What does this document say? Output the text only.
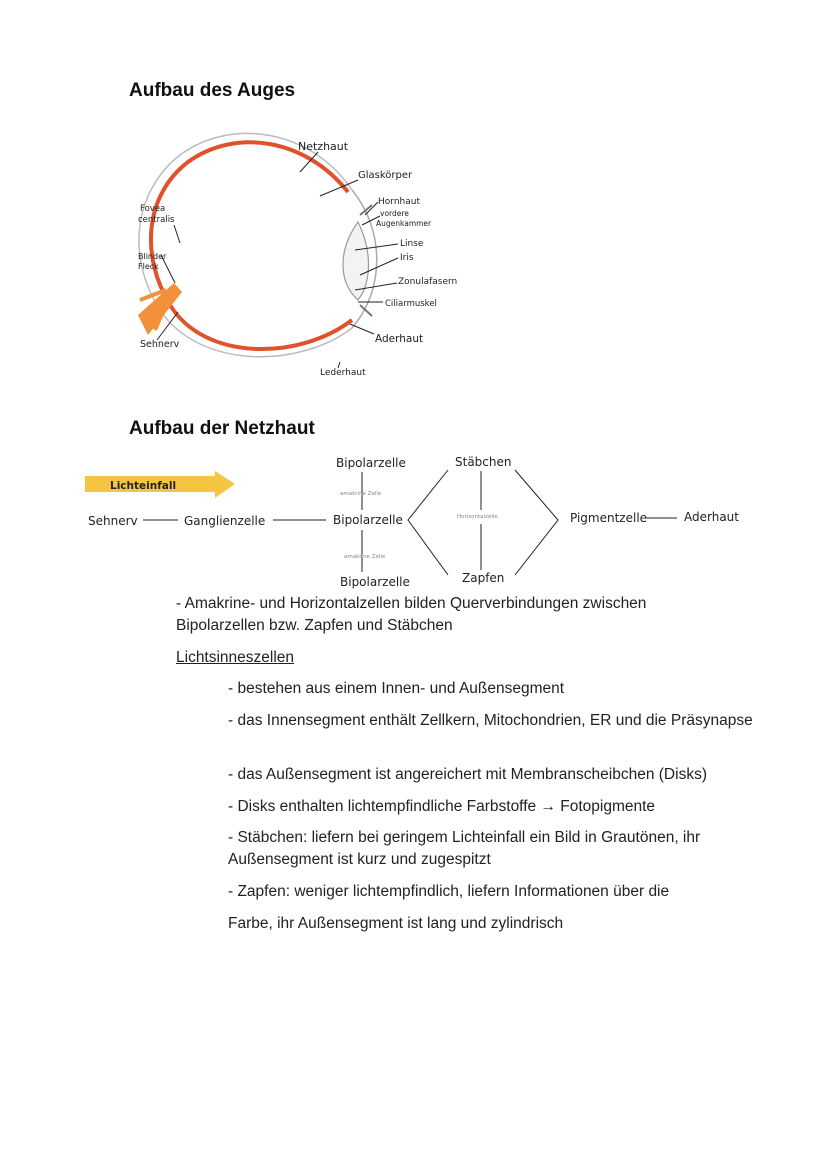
Aufbau des Auges
Netzhaut
Glaskörper
Hornhaut
vordere
Augenkammer
Linse
Iris
Zonulafasern
Ciliarmuskel
Aderhaut
Lederhaut
Fovea
centralis
Blinder
Fleck
Sehnerv
Aufbau der Netzhaut
Lichteinfall
Sehnerv	Ganglienzelle
Bipolarzelle
amakrine Zelle
Bipolarzelle
amakrine Zelle
Bipolarzelle
Stäbchen
Horizontalzelle
Zapfen
Pigmentzelle	Aderhaut
- Amakrine- und Horizontalzellen bilden Querverbindungen zwischen Bipolarzellen bzw. Zapfen und Stäbchen
Lichtsinneszellen
- bestehen aus einem Innen- und Außensegment
- das Innensegment enthält Zellkern, Mitochondrien, ER und die Präsynapse
- das Außensegment ist angereichert mit Membranscheibchen (Disks)
- Disks enthalten lichtempfindliche Farbstoffe → Fotopigmente
- Stäbchen: liefern bei geringem Lichteinfall ein Bild in Grautönen, ihr Außensegment ist kurz und zugespitzt
- Zapfen: weniger lichtempfindlich, liefern Informationen über die
Farbe, ihr Außensegment ist lang und zylindrisch
